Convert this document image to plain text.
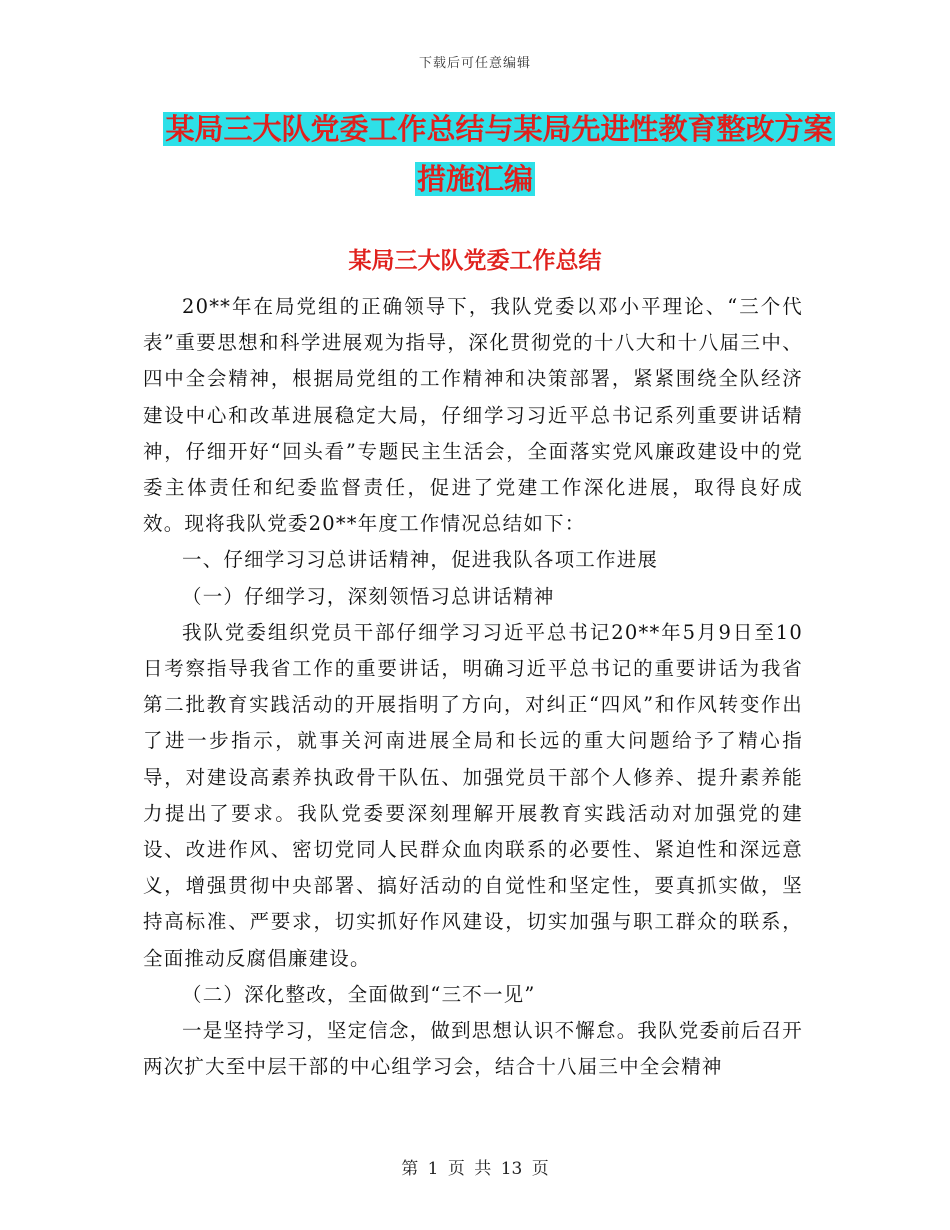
下载后可任意编辑
某局三大队党委工作总结与某局先进性教育整改方案
措施汇编
某局三大队党委工作总结

20**年在局党组的正确领导下，我队党委以邓小平理论、“三个代表”重要思想和科学进展观为指导，深化贯彻党的十八大和十八届三中、四中全会精神，根据局党组的工作精神和决策部署，紧紧围绕全队经济建设中心和改革进展稳定大局，仔细学习习近平总书记系列重要讲话精神，仔细开好“回头看”专题民主生活会，全面落实党风廉政建设中的党委主体责任和纪委监督责任，促进了党建工作深化进展，取得良好成效。现将我队党委20**年度工作情况总结如下：

一、仔细学习习总讲话精神，促进我队各项工作进展

（一）仔细学习，深刻领悟习总讲话精神

我队党委组织党员干部仔细学习习近平总书记20**年5月9日至10日考察指导我省工作的重要讲话，明确习近平总书记的重要讲话为我省第二批教育实践活动的开展指明了方向，对纠正“四风”和作风转变作出了进一步指示，就事关河南进展全局和长远的重大问题给予了精心指导，对建设高素养执政骨干队伍、加强党员干部个人修养、提升素养能力提出了要求。我队党委要深刻理解开展教育实践活动对加强党的建设、改进作风、密切党同人民群众血肉联系的必要性、紧迫性和深远意义，增强贯彻中央部署、搞好活动的自觉性和坚定性，要真抓实做，坚持高标准、严要求，切实抓好作风建设，切实加强与职工群众的联系，全面推动反腐倡廉建设。

（二）深化整改，全面做到“三不一见”

一是坚持学习，坚定信念，做到思想认识不懈怠。我队党委前后召开两次扩大至中层干部的中心组学习会，结合十八届三中全会精神

第 1 页 共 13 页
